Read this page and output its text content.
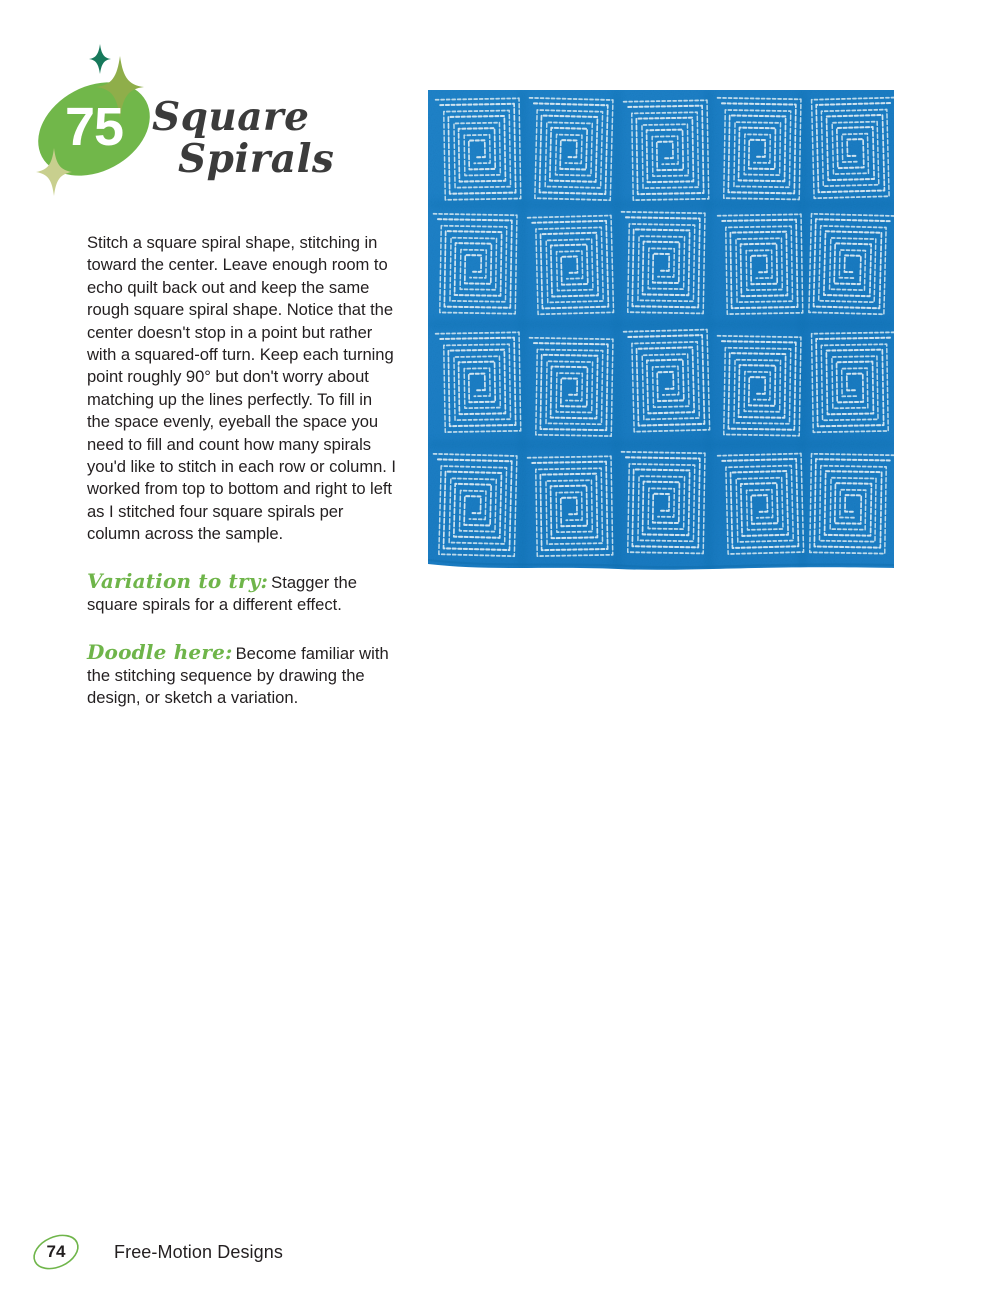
75 Square
Spirals

Stitch a square spiral shape, stitching in toward the center. Leave enough room to echo quilt back out and keep the same rough square spiral shape. Notice that the center doesn't stop in a point but rather with a squared-off turn. Keep each turning point roughly 90° but don't worry about matching up the lines perfectly. To fill in the space evenly, eyeball the space you need to fill and count how many spirals you'd like to stitch in each row or column. I worked from top to bottom and right to left as I stitched four square spirals per column across the sample.

Variation to try: Stagger the square spirals for a different effect.
Doodle here: Become familiar with the stitching sequence by drawing the design, or sketch a variation.
74	Free-Motion Designs
